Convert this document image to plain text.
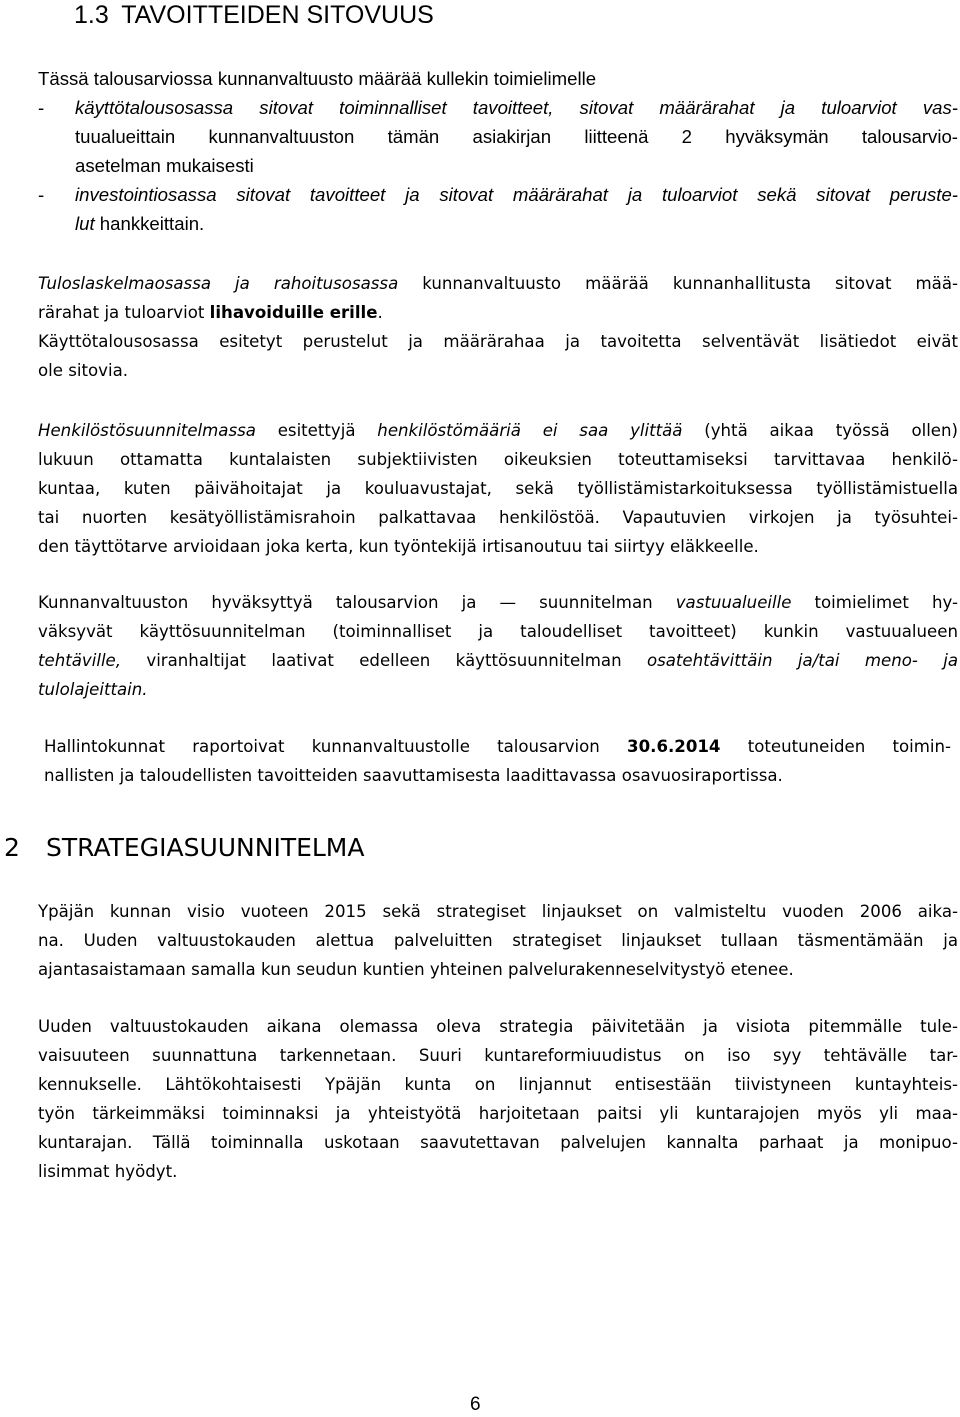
1.3 TAVOITTEIDEN SITOVUUS
Tässä talousarviossa kunnanvaltuusto määrää kullekin toimielimelle
- käyttötalousosassa sitovat toiminnalliset tavoitteet, sitovat määrärahat ja tuloarviot vas-
tuualueittain kunnanvaltuuston tämän asiakirjan liitteenä 2 hyväksymän talousarvio-
asetelman mukaisesti
- investointiosassa sitovat tavoitteet ja sitovat määrärahat ja tuloarviot sekä sitovat peruste-
lut hankkeittain.
Tuloslaskelmaosassa ja rahoitusosassa kunnanvaltuusto määrää kunnanhallitusta sitovat mää-
rärahat ja tuloarviot lihavoiduille erille.
Käyttötalousosassa esitetyt perustelut ja määrärahaa ja tavoitetta selventävät lisätiedot eivät
ole sitovia.
Henkilöstösuunnitelmassa esitettyjä henkilöstömääriä ei saa ylittää (yhtä aikaa työssä ollen)
lukuun ottamatta kuntalaisten subjektiivisten oikeuksien toteuttamiseksi tarvittavaa henkilö-
kuntaa, kuten päivähoitajat ja kouluavustajat, sekä työllistämistarkoituksessa työllistämistuella
tai nuorten kesätyöllistämisrahoin palkattavaa henkilöstöä. Vapautuvien virkojen ja työsuhtei-
den täyttötarve arvioidaan joka kerta, kun työntekijä irtisanoutuu tai siirtyy eläkkeelle.
Kunnanvaltuuston hyväksyttyä talousarvion ja — suunnitelman vastuualueille toimielimet hy-
väksyvät käyttösuunnitelman (toiminnalliset ja taloudelliset tavoitteet) kunkin vastuualueen
tehtäville, viranhaltijat laativat edelleen käyttösuunnitelman osatehtävittäin ja/tai meno- ja
tulolajeittain.
Hallintokunnat raportoivat kunnanvaltuustolle talousarvion 30.6.2014 toteutuneiden toimin-
nallisten ja taloudellisten tavoitteiden saavuttamisesta laadittavassa osavuosiraportissa.
2 STRATEGIASUUNNITELMA
Ypäjän kunnan visio vuoteen 2015 sekä strategiset linjaukset on valmisteltu vuoden 2006 aika-
na. Uuden valtuustokauden alettua palveluitten strategiset linjaukset tullaan täsmentämään ja
ajantasaistamaan samalla kun seudun kuntien yhteinen palvelurakenneselvitystyö etenee.
Uuden valtuustokauden aikana olemassa oleva strategia päivitetään ja visiota pitemmälle tule-
vaisuuteen suunnattuna tarkennetaan. Suuri kuntareformiuudistus on iso syy tehtävälle tar-
kennukselle. Lähtökohtaisesti Ypäjän kunta on linjannut entisestään tiivistyneen kuntayhteis-
työn tärkeimmäksi toiminnaksi ja yhteistyötä harjoitetaan paitsi yli kuntarajojen myös yli maa-
kuntarajan. Tällä toiminnalla uskotaan saavutettavan palvelujen kannalta parhaat ja monipuo-
lisimmat hyödyt.
6
